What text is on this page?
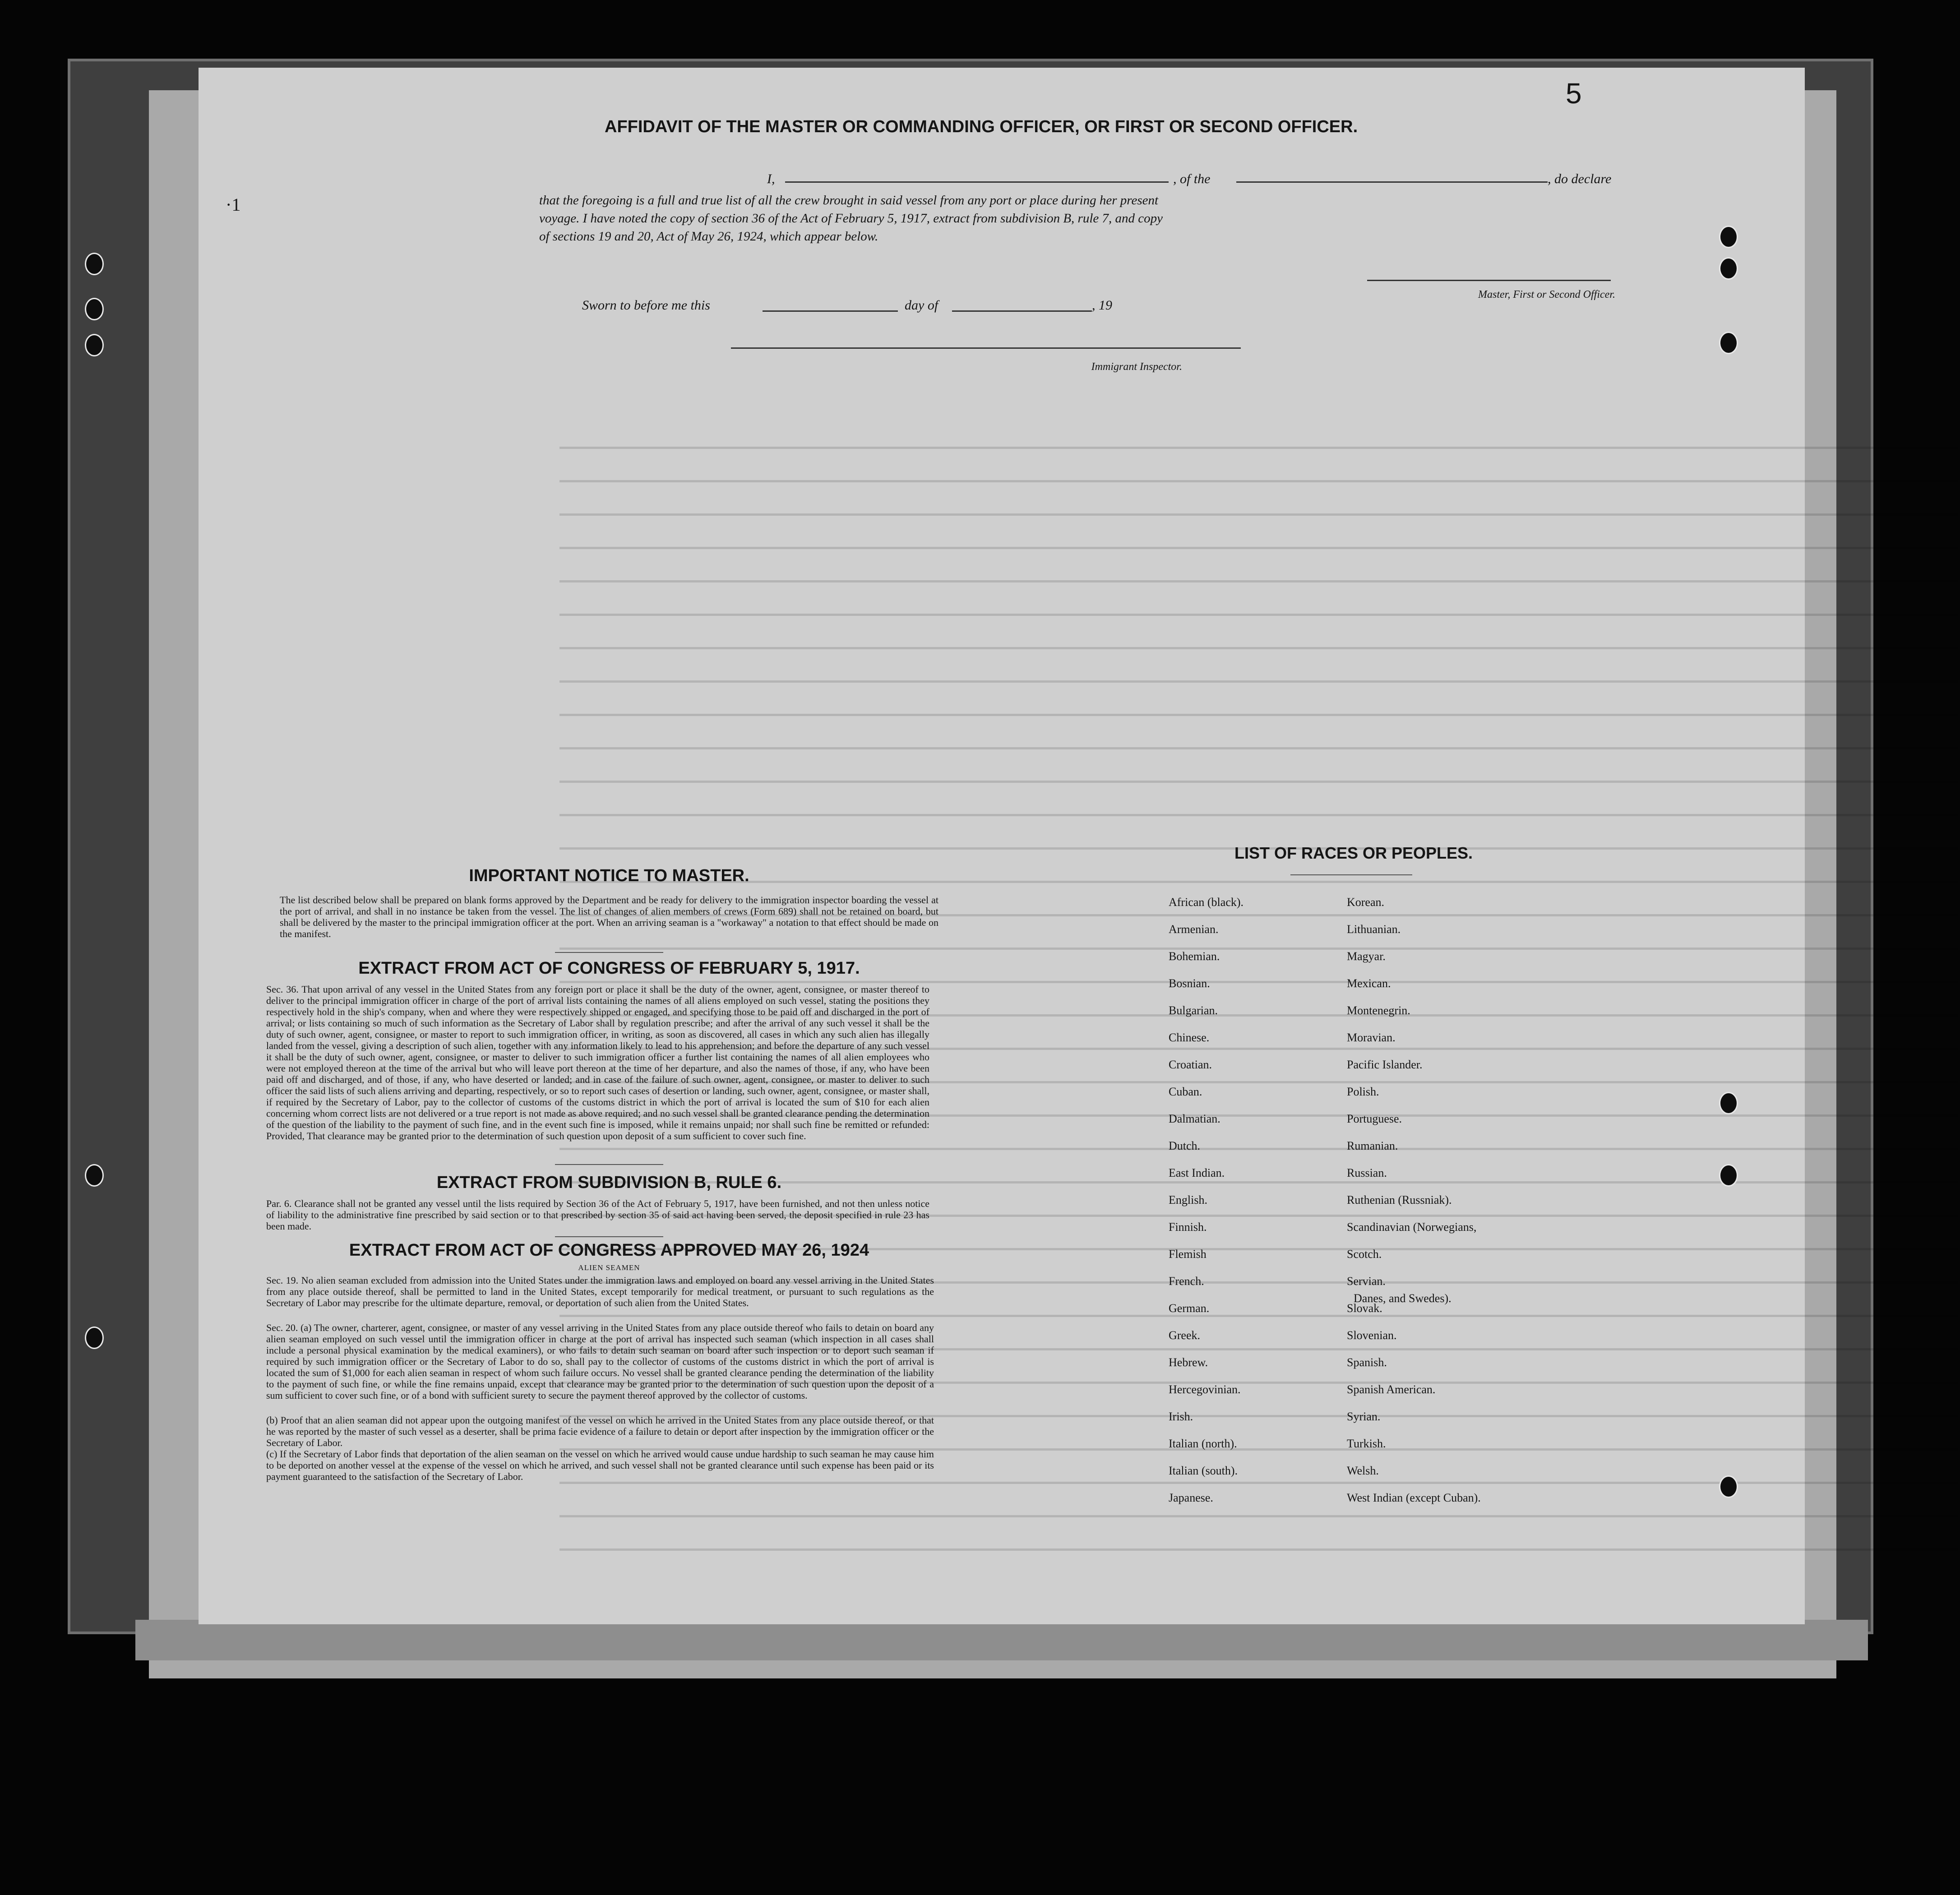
5
·1
AFFIDAVIT OF THE MASTER OR COMMANDING OFFICER, OR FIRST OR SECOND OFFICER.
I,	, of the	, do declare
that the foregoing is a full and true list of all the crew brought in said vessel from any port or place during her present
voyage. I have noted the copy of section 36 of the Act of February 5, 1917, extract from subdivision B, rule 7, and copy
of sections 19 and 20, Act of May 26, 1924, which appear below.
Master, First or Second Officer.
Sworn to before me this	day of	, 19
Immigrant Inspector.
IMPORTANT NOTICE TO MASTER.
The list described below shall be prepared on blank forms approved by the Department and be ready for delivery to the immigration inspector boarding the vessel at the port of arrival, and shall in no instance be taken from the vessel. The list of changes of alien members of crews (Form 689) shall not be retained on board, but shall be delivered by the master to the principal immigration officer at the port. When an arriving seaman is a "workaway" a notation to that effect should be made on the manifest.
EXTRACT FROM ACT OF CONGRESS OF FEBRUARY 5, 1917.
Sec. 36. That upon arrival of any vessel in the United States from any foreign port or place it shall be the duty of the owner, agent, consignee, or master thereof to deliver to the principal immigration officer in charge of the port of arrival lists containing the names of all aliens employed on such vessel, stating the positions they respectively hold in the ship's company, when and where they were respectively shipped or engaged, and specifying those to be paid off and discharged in the port of arrival; or lists containing so much of such information as the Secretary of Labor shall by regulation prescribe; and after the arrival of any such vessel it shall be the duty of such owner, agent, consignee, or master to report to such immigration officer, in writing, as soon as discovered, all cases in which any such alien has illegally landed from the vessel, giving a description of such alien, together with any information likely to lead to his apprehension; and before the departure of any such vessel it shall be the duty of such owner, agent, consignee, or master to deliver to such immigration officer a further list containing the names of all alien employees who were not employed thereon at the time of the arrival but who will leave port thereon at the time of her departure, and also the names of those, if any, who have been paid off and discharged, and of those, if any, who have deserted or landed; and in case of the failure of such owner, agent, consignee, or master to deliver to such officer the said lists of such aliens arriving and departing, respectively, or so to report such cases of desertion or landing, such owner, agent, consignee, or master shall, if required by the Secretary of Labor, pay to the collector of customs of the customs district in which the port of arrival is located the sum of $10 for each alien concerning whom correct lists are not delivered or a true report is not made as above required; and no such vessel shall be granted clearance pending the determination of the question of the liability to the payment of such fine, and in the event such fine is imposed, while it remains unpaid; nor shall such fine be remitted or refunded: Provided, That clearance may be granted prior to the determination of such question upon deposit of a sum sufficient to cover such fine.
EXTRACT FROM SUBDIVISION B, RULE 6.
Par. 6. Clearance shall not be granted any vessel until the lists required by Section 36 of the Act of February 5, 1917, have been furnished, and not then unless notice of liability to the administrative fine prescribed by said section or to that prescribed by section 35 of said act having been served, the deposit specified in rule 23 has been made.
EXTRACT FROM ACT OF CONGRESS APPROVED MAY 26, 1924
ALIEN SEAMEN
Sec. 19. No alien seaman excluded from admission into the United States under the immigration laws and employed on board any vessel arriving in the United States from any place outside thereof, shall be permitted to land in the United States, except temporarily for medical treatment, or pursuant to such regulations as the Secretary of Labor may prescribe for the ultimate departure, removal, or deportation of such alien from the United States.
Sec. 20. (a) The owner, charterer, agent, consignee, or master of any vessel arriving in the United States from any place outside thereof who fails to detain on board any alien seaman employed on such vessel until the immigration officer in charge at the port of arrival has inspected such seaman (which inspection in all cases shall include a personal physical examination by the medical examiners), or who fails to detain such seaman on board after such inspection or to deport such seaman if required by such immigration officer or the Secretary of Labor to do so, shall pay to the collector of customs of the customs district in which the port of arrival is located the sum of $1,000 for each alien seaman in respect of whom such failure occurs. No vessel shall be granted clearance pending the determination of the liability to the payment of such fine, or while the fine remains unpaid, except that clearance may be granted prior to the determination of such question upon the deposit of a sum sufficient to cover such fine, or of a bond with sufficient surety to secure the payment thereof approved by the collector of customs.
(b) Proof that an alien seaman did not appear upon the outgoing manifest of the vessel on which he arrived in the United States from any place outside thereof, or that he was reported by the master of such vessel as a deserter, shall be prima facie evidence of a failure to detain or deport after inspection by the immigration officer or the Secretary of Labor.
(c) If the Secretary of Labor finds that deportation of the alien seaman on the vessel on which he arrived would cause undue hardship to such seaman he may cause him to be deported on another vessel at the expense of the vessel on which he arrived, and such vessel shall not be granted clearance until such expense has been paid or its payment guaranteed to the satisfaction of the Secretary of Labor.
LIST OF RACES OR PEOPLES.
African (black).
Armenian.
Bohemian.
Bosnian.
Bulgarian.
Chinese.
Croatian.
Cuban.
Dalmatian.
Dutch.
East Indian.
English.
Finnish.
Flemish
French.
German.
Greek.
Hebrew.
Hercegovinian.
Irish.
Italian (north).
Italian (south).
Japanese.
Korean.
Lithuanian.
Magyar.
Mexican.
Montenegrin.
Moravian.
Pacific Islander.
Polish.
Portuguese.
Rumanian.
Russian.
Ruthenian (Russniak).
Scandinavian (Norwegians,
Scotch.
Servian.
Slovak.
Slovenian.
Spanish.
Spanish American.
Syrian.
Turkish.
Welsh.
West Indian (except Cuban).
Danes, and Swedes).
